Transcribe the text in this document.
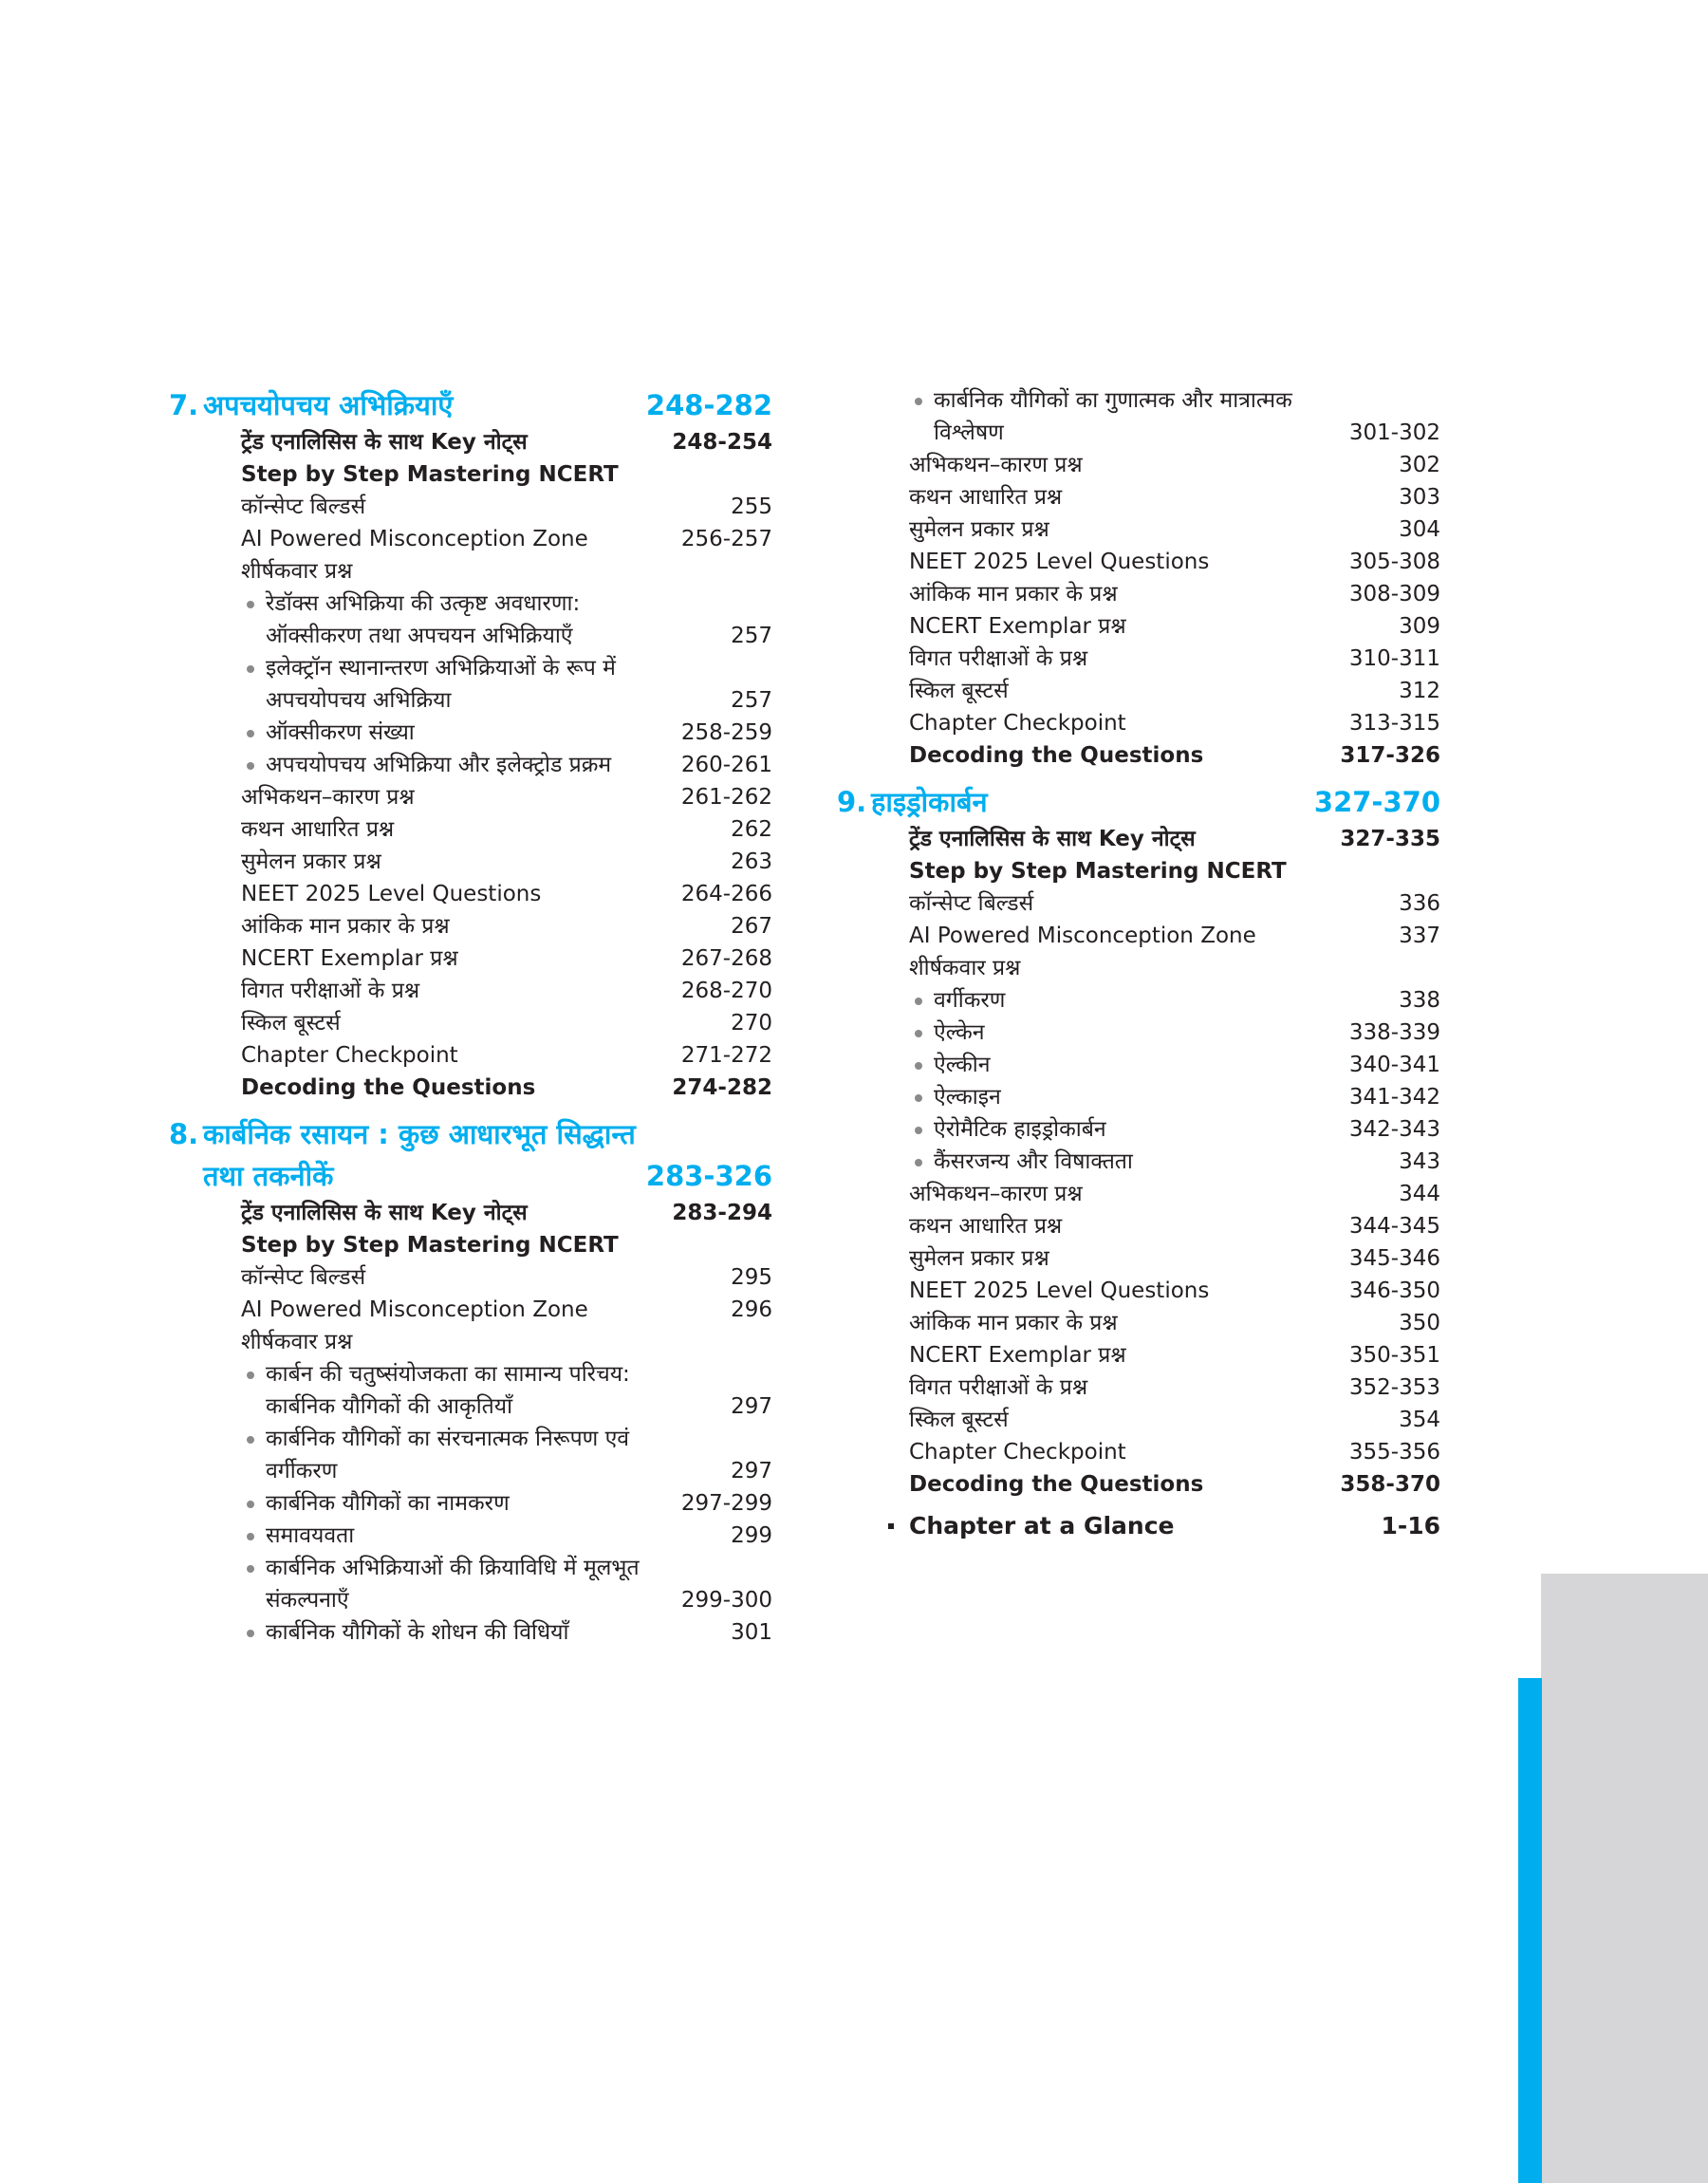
7. अपचयोपचय अभिक्रियाएँ	248-282
ट्रेंड एनालिसिस के साथ Key नोट्स	248-254
Step by Step Mastering NCERT
कॉन्सेप्ट बिल्डर्स	255
AI Powered Misconception Zone	256-257
शीर्षकवार प्रश्न
रेडॉक्स अभिक्रिया की उत्कृष्ट अवधारणा: ऑक्सीकरण तथा अपचयन अभिक्रियाएँ	257
इलेक्ट्रॉन स्थानान्तरण अभिक्रियाओं के रूप में अपचयोपचय अभिक्रिया	257
ऑक्सीकरण संख्या	258-259
अपचयोपचय अभिक्रिया और इलेक्ट्रोड प्रक्रम	260-261
अभिकथन–कारण प्रश्न	261-262
कथन आधारित प्रश्न	262
सुमेलन प्रकार प्रश्न	263
NEET 2025 Level Questions	264-266
आंकिक मान प्रकार के प्रश्न	267
NCERT Exemplar प्रश्न	267-268
विगत परीक्षाओं के प्रश्न	268-270
स्किल बूस्टर्स	270
Chapter Checkpoint	271-272
Decoding the Questions	274-282
8. कार्बनिक रसायन : कुछ आधारभूत सिद्धान्त तथा तकनीकें	283-326
ट्रेंड एनालिसिस के साथ Key नोट्स	283-294
Step by Step Mastering NCERT
कॉन्सेप्ट बिल्डर्स	295
AI Powered Misconception Zone	296
शीर्षकवार प्रश्न
कार्बन की चतुष्संयोजकता का सामान्य परिचय: कार्बनिक यौगिकों की आकृतियाँ	297
कार्बनिक यौगिकों का संरचनात्मक निरूपण एवं वर्गीकरण	297
कार्बनिक यौगिकों का नामकरण	297-299
समावयवता	299
कार्बनिक अभिक्रियाओं की क्रियाविधि में मूलभूत संकल्पनाएँ	299-300
कार्बनिक यौगिकों के शोधन की विधियाँ	301
कार्बनिक यौगिकों का गुणात्मक और मात्रात्मक विश्लेषण	301-302
अभिकथन–कारण प्रश्न	302
कथन आधारित प्रश्न	303
सुमेलन प्रकार प्रश्न	304
NEET 2025 Level Questions	305-308
आंकिक मान प्रकार के प्रश्न	308-309
NCERT Exemplar प्रश्न	309
विगत परीक्षाओं के प्रश्न	310-311
स्किल बूस्टर्स	312
Chapter Checkpoint	313-315
Decoding the Questions	317-326
9. हाइड्रोकार्बन	327-370
ट्रेंड एनालिसिस के साथ Key नोट्स	327-335
Step by Step Mastering NCERT
कॉन्सेप्ट बिल्डर्स	336
AI Powered Misconception Zone	337
शीर्षकवार प्रश्न
वर्गीकरण	338
ऐल्केन	338-339
ऐल्कीन	340-341
ऐल्काइन	341-342
ऐरोमैटिक हाइड्रोकार्बन	342-343
कैंसरजन्य और विषाक्तता	343
अभिकथन–कारण प्रश्न	344
कथन आधारित प्रश्न	344-345
सुमेलन प्रकार प्रश्न	345-346
NEET 2025 Level Questions	346-350
आंकिक मान प्रकार के प्रश्न	350
NCERT Exemplar प्रश्न	350-351
विगत परीक्षाओं के प्रश्न	352-353
स्किल बूस्टर्स	354
Chapter Checkpoint	355-356
Decoding the Questions	358-370
Chapter at a Glance	1-16
